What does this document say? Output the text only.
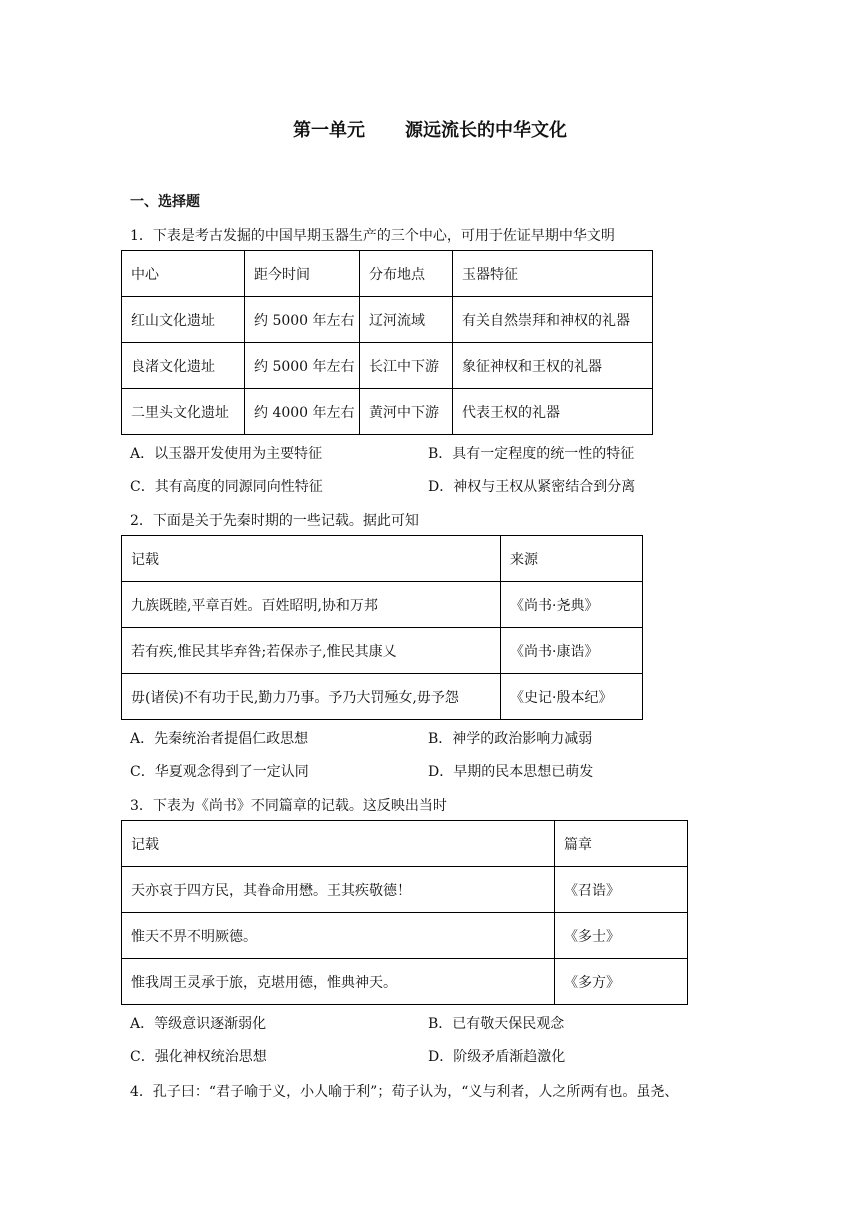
第一单元 源远流长的中华文化
一、选择题
1．下表是考古发掘的中国早期玉器生产的三个中心，可用于佐证早期中华文明
中心	距今时间	分布地点	玉器特征
红山文化遗址	约 5000 年左右	辽河流域	有关自然崇拜和神权的礼器
良渚文化遗址	约 5000 年左右	长江中下游	象征神权和王权的礼器
二里头文化遗址	约 4000 年左右	黄河中下游	代表王权的礼器
A．以玉器开发使用为主要特征	B．具有一定程度的统一性的特征
C．其有高度的同源同向性特征	D．神权与王权从紧密结合到分离
2．下面是关于先秦时期的一些记载。据此可知
记载	来源
九族既睦,平章百姓。百姓昭明,协和万邦	《尚书·尧典》
若有疾,惟民其毕弃咎;若保赤子,惟民其康乂	《尚书·康诰》
毋(诸侯)不有功于民,勤力乃事。予乃大罚殛女,毋予怨	《史记·殷本纪》
A．先秦统治者提倡仁政思想	B．神学的政治影响力减弱
C．华夏观念得到了一定认同	D．早期的民本思想已萌发
3．下表为《尚书》不同篇章的记载。这反映出当时
记载	篇章
天亦哀于四方民，其眷命用懋。王其疾敬德！	《召诰》
惟天不畀不明厥德。	《多士》
惟我周王灵承于旅，克堪用德，惟典神天。	《多方》
A．等级意识逐渐弱化	B．已有敬天保民观念
C．强化神权统治思想	D．阶级矛盾渐趋激化
4．孔子曰：“君子喻于义，小人喻于利”；荀子认为，“义与利者，人之所两有也。虽尧、
